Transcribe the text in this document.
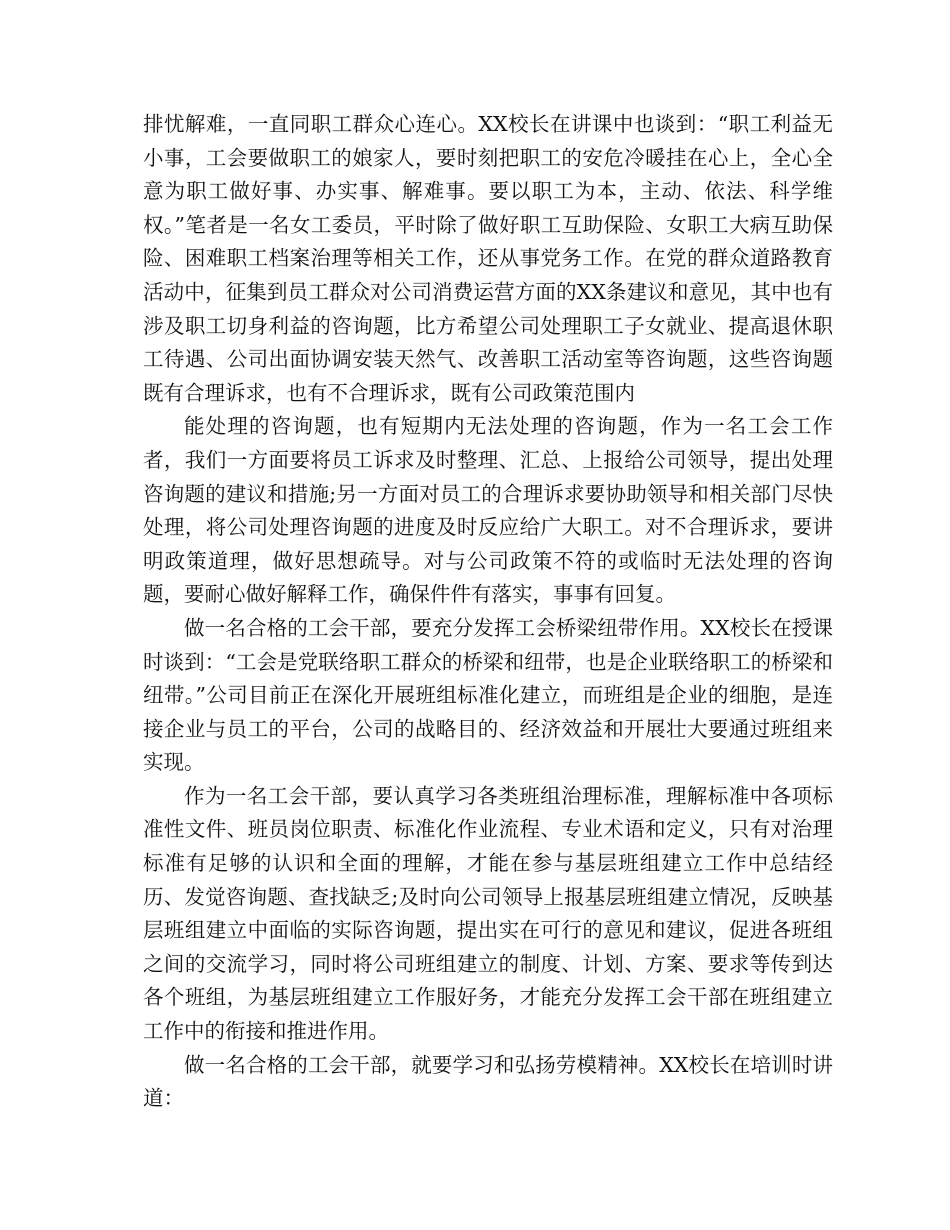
排忧解难，一直同职工群众心连心。XX校长在讲课中也谈到：“职工利益无小事，工会要做职工的娘家人，要时刻把职工的安危冷暖挂在心上，全心全意为职工做好事、办实事、解难事。要以职工为本，主动、依法、科学维权。”笔者是一名女工委员，平时除了做好职工互助保险、女职工大病互助保险、困难职工档案治理等相关工作，还从事党务工作。在党的群众道路教育活动中，征集到员工群众对公司消费运营方面的XX条建议和意见，其中也有涉及职工切身利益的咨询题，比方希望公司处理职工子女就业、提高退休职工待遇、公司出面协调安装天然气、改善职工活动室等咨询题，这些咨询题既有合理诉求，也有不合理诉求，既有公司政策范围内

能处理的咨询题，也有短期内无法处理的咨询题，作为一名工会工作者，我们一方面要将员工诉求及时整理、汇总、上报给公司领导，提出处理咨询题的建议和措施;另一方面对员工的合理诉求要协助领导和相关部门尽快处理，将公司处理咨询题的进度及时反应给广大职工。对不合理诉求，要讲明政策道理，做好思想疏导。对与公司政策不符的或临时无法处理的咨询题，要耐心做好解释工作，确保件件有落实，事事有回复。

做一名合格的工会干部，要充分发挥工会桥梁纽带作用。XX校长在授课时谈到：“工会是党联络职工群众的桥梁和纽带，也是企业联络职工的桥梁和纽带。”公司目前正在深化开展班组标准化建立，而班组是企业的细胞，是连接企业与员工的平台，公司的战略目的、经济效益和开展壮大要通过班组来实现。

作为一名工会干部，要认真学习各类班组治理标准，理解标准中各项标准性文件、班员岗位职责、标准化作业流程、专业术语和定义，只有对治理标准有足够的认识和全面的理解，才能在参与基层班组建立工作中总结经历、发觉咨询题、查找缺乏;及时向公司领导上报基层班组建立情况，反映基层班组建立中面临的实际咨询题，提出实在可行的意见和建议，促进各班组之间的交流学习，同时将公司班组建立的制度、计划、方案、要求等传到达各个班组，为基层班组建立工作服好务，才能充分发挥工会干部在班组建立工作中的衔接和推进作用。

做一名合格的工会干部，就要学习和弘扬劳模精神。XX校长在培训时讲道：
